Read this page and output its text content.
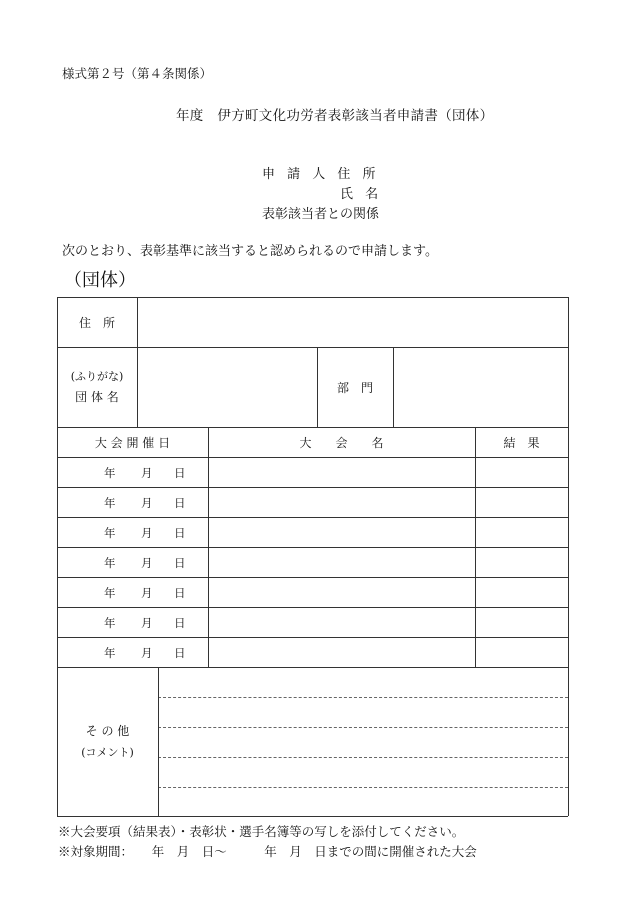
様式第２号（第４条関係）
年度　伊方町文化功労者表彰該当者申請書（団体）
申 請 人 住 所
氏 名
表彰該当者との関係
次のとおり、表彰基準に該当すると認められるので申請します。
（団体）
住　所
(ふりがな)
団 体 名
部　門
大 会 開 催 日	大　　会　　名	結　果
年 月 日
年 月 日
年 月 日
年 月 日
年 月 日
年 月 日
年 月 日
そ の 他
(コメント)
※大会要項（結果表）・表彰状・選手名簿等の写しを添付してください。
※対象期間：　　年　月　日～　　　年　月　日までの間に開催された大会
